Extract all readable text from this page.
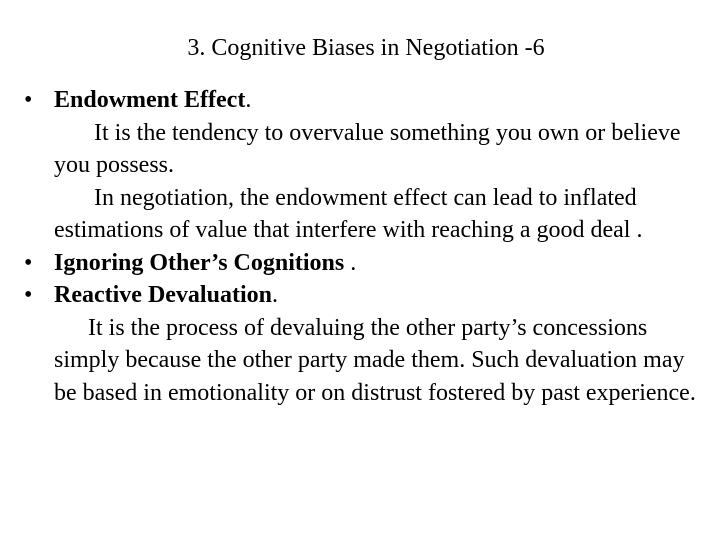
3. Cognitive Biases in Negotiation -6
• Endowment Effect.
It is the tendency to overvalue something you own or believe you possess.
In negotiation, the endowment effect can lead to inflated estimations of value that interfere with reaching a good deal .
• Ignoring Other’s Cognitions .
• Reactive Devaluation.
It is the process of devaluing the other party’s concessions simply because the other party made them. Such devaluation may be based in emotionality or on distrust fostered by past experience.
